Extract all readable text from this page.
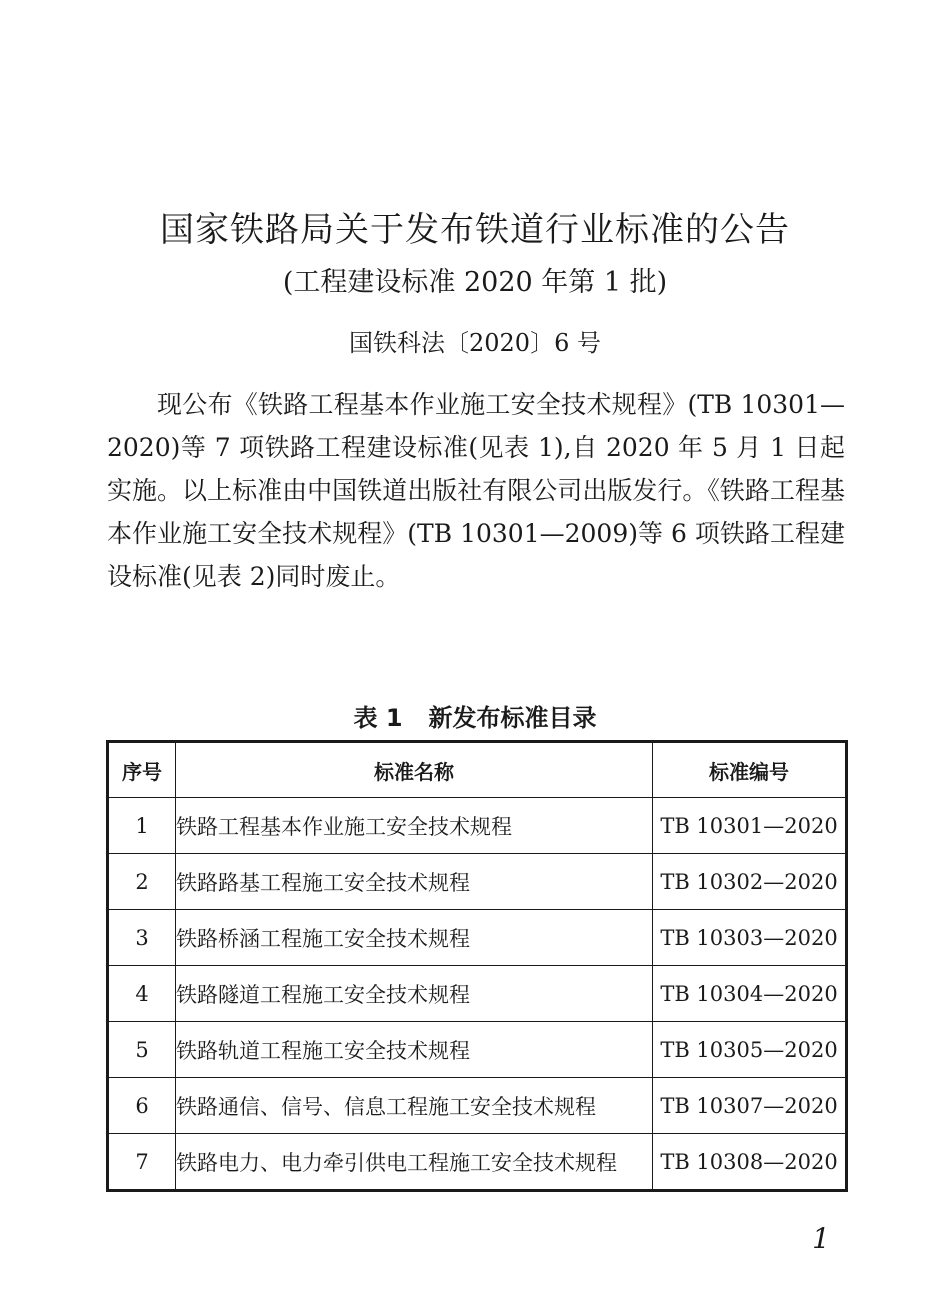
国家铁路局关于发布铁道行业标准的公告
(工程建设标准 2020 年第 1 批)
国铁科法〔2020〕6 号

现公布《铁路工程基本作业施工安全技术规程》(TB 10301—2020)等 7 项铁路工程建设标准(见表 1),自 2020 年 5 月 1 日起实施。以上标准由中国铁道出版社有限公司出版发行。《铁路工程基本作业施工安全技术规程》(TB 10301—2009)等 6 项铁路工程建设标准(见表 2)同时废止。

表 1 新发布标准目录
序号	标准名称	标准编号
1	铁路工程基本作业施工安全技术规程	TB 10301—2020
2	铁路路基工程施工安全技术规程	TB 10302—2020
3	铁路桥涵工程施工安全技术规程	TB 10303—2020
4	铁路隧道工程施工安全技术规程	TB 10304—2020
5	铁路轨道工程施工安全技术规程	TB 10305—2020
6	铁路通信、信号、信息工程施工安全技术规程	TB 10307—2020
7	铁路电力、电力牵引供电工程施工安全技术规程	TB 10308—2020
1
